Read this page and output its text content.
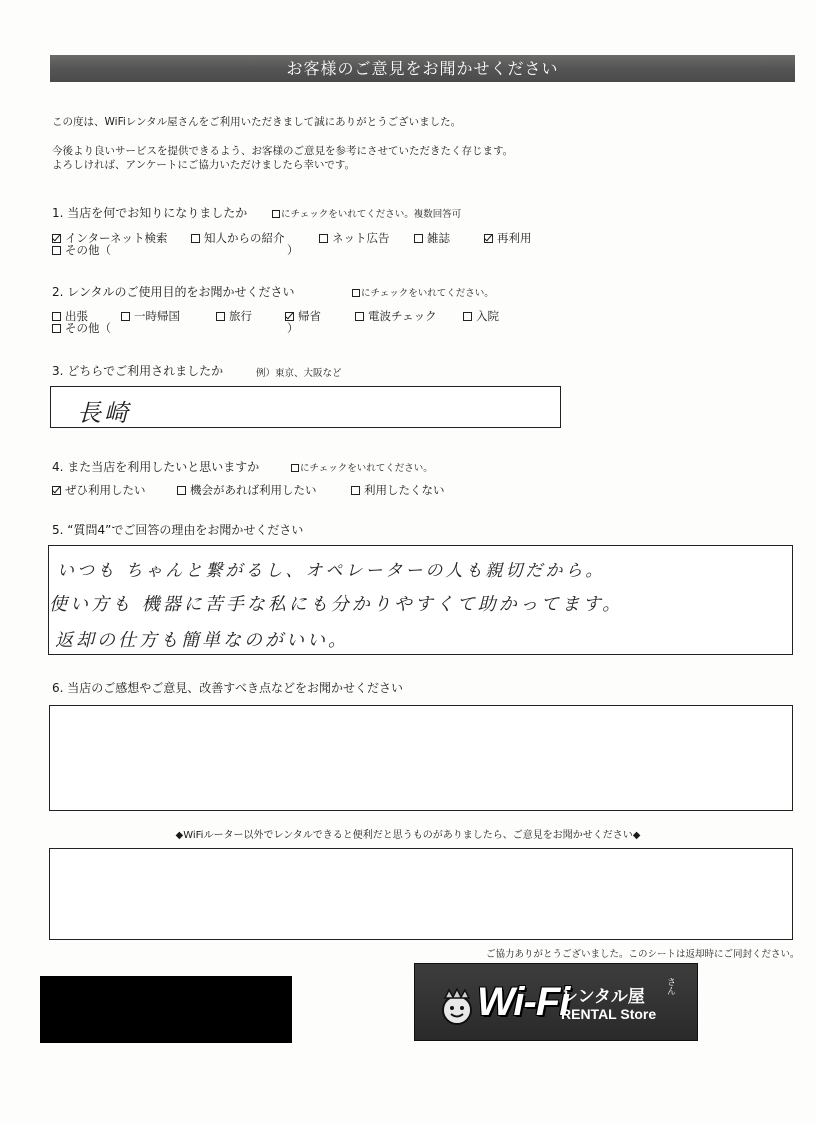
お客様のご意見をお聞かせください
この度は、WiFiレンタル屋さんをご利用いただきまして誠にありがとうございました。
今後より良いサービスを提供できるよう、お客様のご意見を参考にさせていただきたく存じます。
よろしければ、アンケートにご協力いただけましたら幸いです。
1. 当店を何でお知りになりましたか	にチェックをいれてください。複数回答可
インターネット検索	知人からの紹介	ネット広告	雑誌	再利用
その他（	）
2. レンタルのご使用目的をお聞かせください	にチェックをいれてください。
出張	一時帰国	旅行	帰省	電波チェック	入院
その他（	）
3. どちらでご利用されましたか	例）東京、大阪など
長崎
4. また当店を利用したいと思いますか	にチェックをいれてください。
ぜひ利用したい	機会があれば利用したい	利用したくない
5. “質問4”でご回答の理由をお聞かせください
いつも ちゃんと繋がるし、オペレーターの人も親切だから。
使い方も 機器に苦手な私にも分かりやすくて助かってます。
返却の仕方も簡単なのがいい。
6. 当店のご感想やご意見、改善すべき点などをお聞かせください
◆WiFiルーター以外でレンタルできると便利だと思うものがありましたら、ご意見をお聞かせください◆
ご協力ありがとうございました。このシートは返却時にご同封ください。
Wi-Fi
レンタル屋
さん
RENTAL Store
